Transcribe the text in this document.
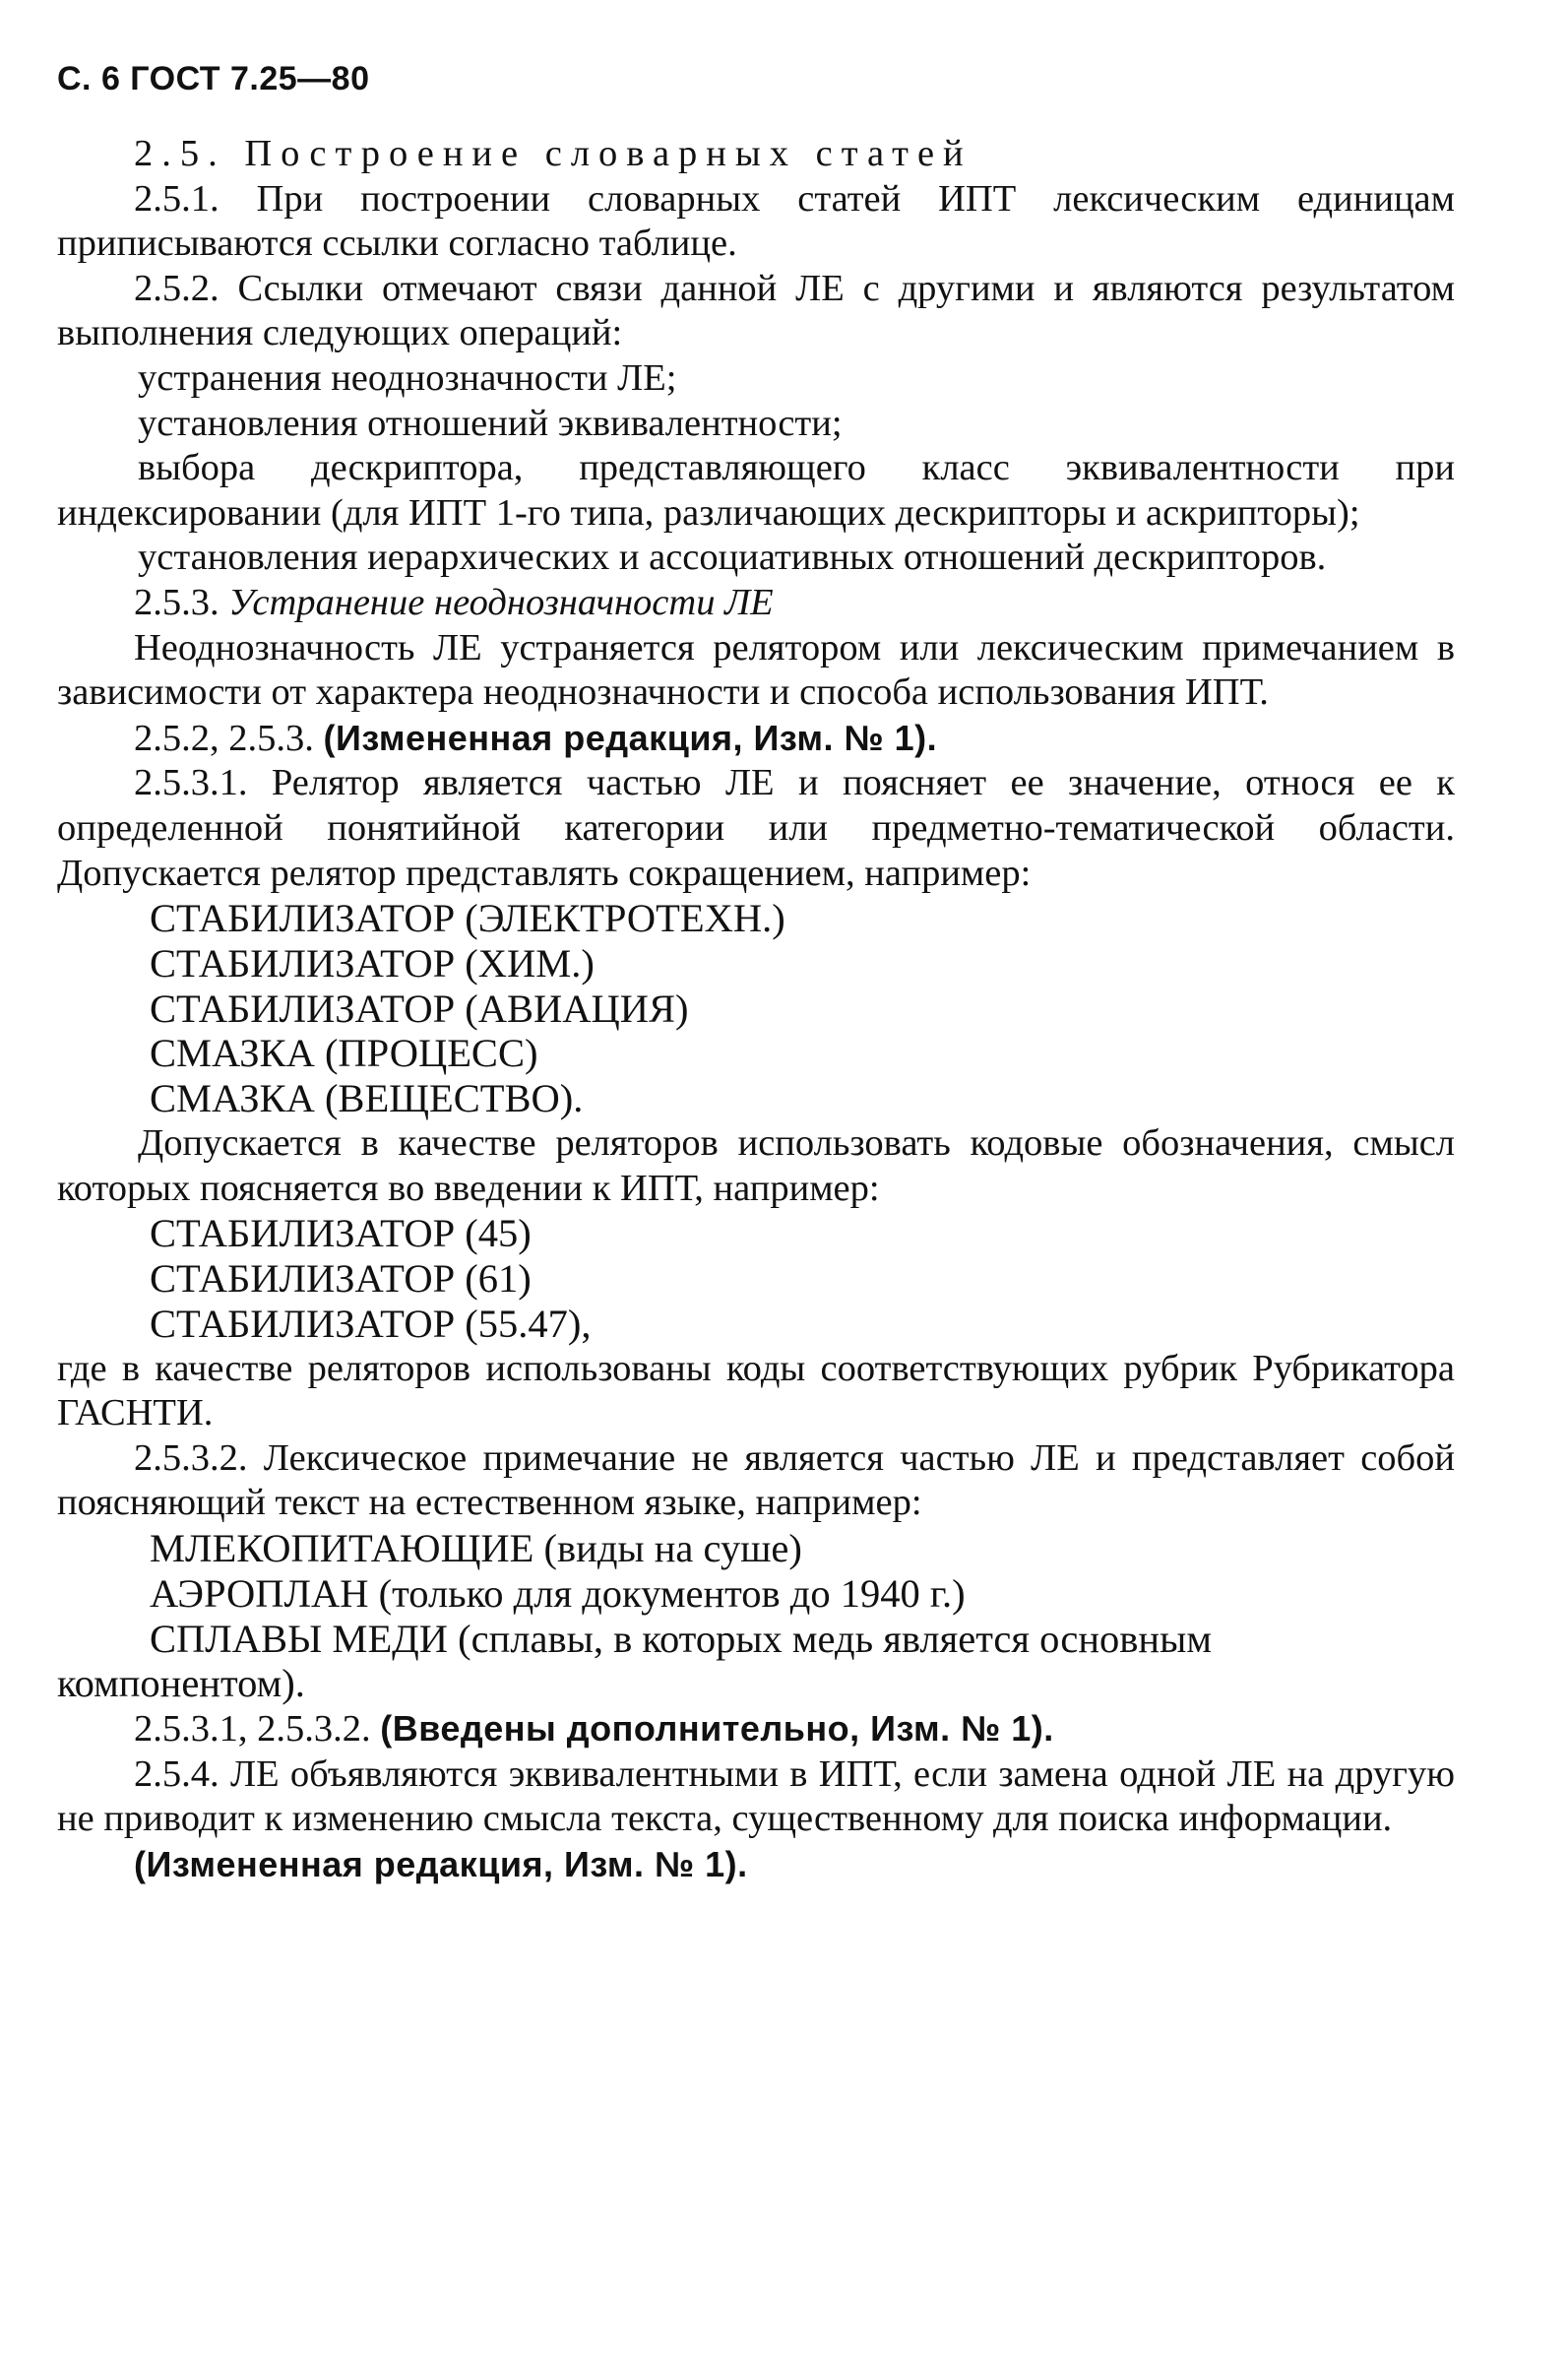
С. 6 ГОСТ 7.25—80

2.5. Построение словарных статей

2.5.1. При построении словарных статей ИПТ лексическим единицам приписываются ссылки согласно таблице.

2.5.2. Ссылки отмечают связи данной ЛЕ с другими и являются результатом выполнения следующих операций:

устранения неоднозначности ЛЕ;

установления отношений эквивалентности;

выбора дескриптора, представляющего класс эквивалентности при индексировании (для ИПТ 1-го типа, различающих дескрипторы и аскрипторы);

установления иерархических и ассоциативных отношений дескрипторов.

2.5.3. Устранение неоднозначности ЛЕ

Неоднозначность ЛЕ устраняется релятором или лексическим примечанием в зависимости от характера неоднозначности и способа использования ИПТ.

2.5.2, 2.5.3. (Измененная редакция, Изм. № 1).

2.5.3.1. Релятор является частью ЛЕ и поясняет ее значение, относя ее к определенной понятийной категории или предметно-тематической области. Допускается релятор представлять сокращением, например:

СТАБИЛИЗАТОР (ЭЛЕКТРОТЕХН.)
СТАБИЛИЗАТОР (ХИМ.)
СТАБИЛИЗАТОР (АВИАЦИЯ)
СМАЗКА (ПРОЦЕСС)
СМАЗКА (ВЕЩЕСТВО).

Допускается в качестве реляторов использовать кодовые обозначения, смысл которых поясняется во введении к ИПТ, например:

СТАБИЛИЗАТОР (45)
СТАБИЛИЗАТОР (61)
СТАБИЛИЗАТОР (55.47),

где в качестве реляторов использованы коды соответствующих рубрик Рубрикатора ГАСНТИ.

2.5.3.2. Лексическое примечание не является частью ЛЕ и представляет собой поясняющий текст на естественном языке, например:

МЛЕКОПИТАЮЩИЕ (виды на суше)
АЭРОПЛАН (только для документов до 1940 г.)
СПЛАВЫ МЕДИ (сплавы, в которых медь является основным компонентом).

2.5.3.1, 2.5.3.2. (Введены дополнительно, Изм. № 1).

2.5.4. ЛЕ объявляются эквивалентными в ИПТ, если замена одной ЛЕ на другую не приводит к изменению смысла текста, существенному для поиска информации.

(Измененная редакция, Изм. № 1).
